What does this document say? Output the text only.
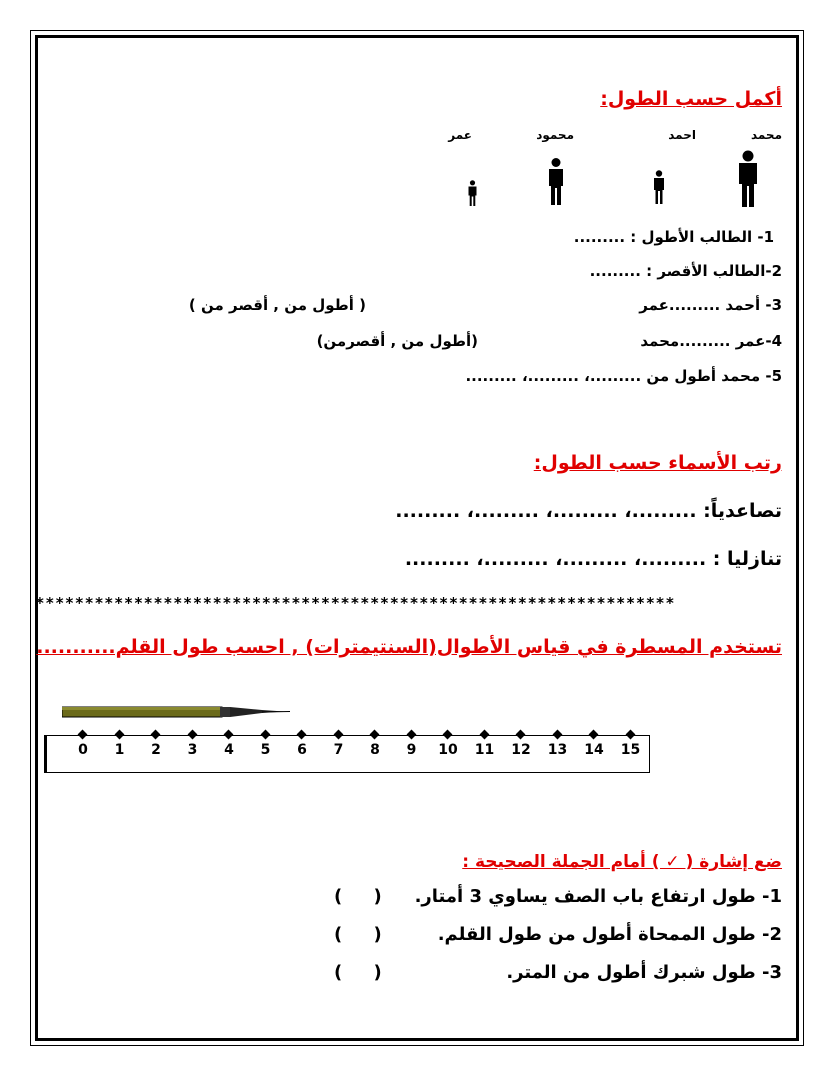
أكمل حسب الطول:
محمد
احمد
محمود
عمر
1- الطالب الأطول : .........
2-الطالب الأقصر : .........
3- أحمد .........عمر
( أطول من , أقصر من )
4-عمر .........محمد
(أطول من , أقصرمن)
5- محمد أطول من .........، .........، .........
رتب الأسماء حسب الطول:
تصاعدياً: .........، .........، .........، .........
تنازليا : .........، .........، .........، .........
*****************************************************************
تستخدم المسطرة في قياس الأطوال(السنتيمترات) , احسب طول القلم...........
0 1 2 3 4 5 6 7 8 9 10 11 12 13 14 15
ضع إشارة ( ✓ ) أمام الجملة الصحيحة :
1- طول ارتفاع باب الصف يساوي 3 أمتار.
(     )
2- طول الممحاة أطول من طول القلم.
(     )
3- طول شبرك أطول من المتر.
(     )
